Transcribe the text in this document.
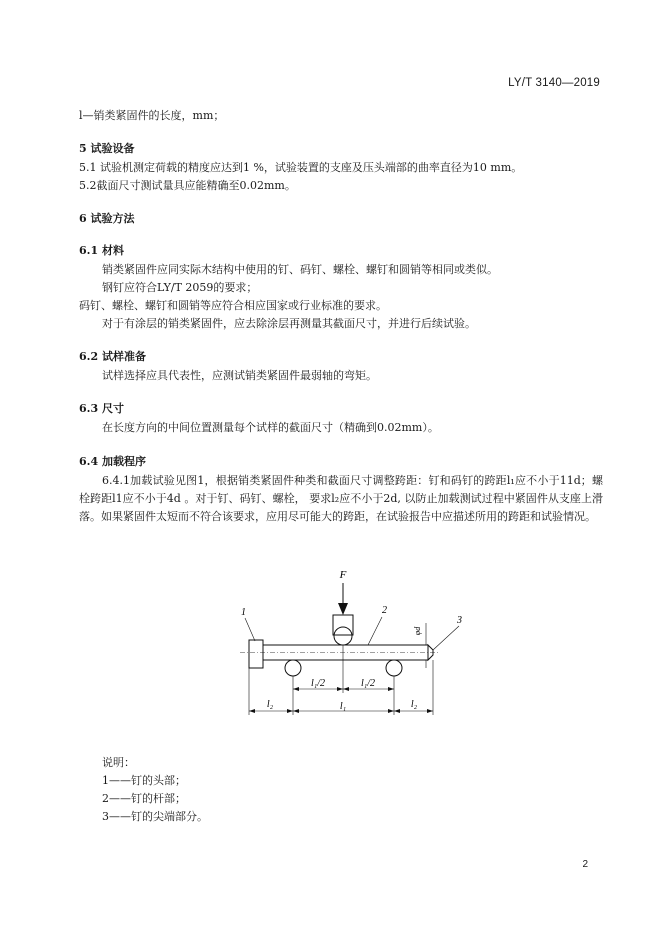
LY/T 3140—2019
l—销类紧固件的长度，mm；
5 试验设备
5.1 试验机测定荷载的精度应达到1 %，试验装置的支座及压头端部的曲率直径为10 mm。
5.2截面尺寸测试量具应能精确至0.02mm。
6 试验方法
6.1 材料
销类紧固件应同实际木结构中使用的钉、码钉、螺栓、螺钉和圆销等相同或类似。
钢钉应符合LY/T 2059的要求；
码钉、螺栓、螺钉和圆销等应符合相应国家或行业标准的要求。
对于有涂层的销类紧固件，应去除涂层再测量其截面尺寸，并进行后续试验。
6.2 试样准备
试样选择应具代表性，应测试销类紧固件最弱轴的弯矩。
6.3 尺寸
在长度方向的中间位置测量每个试样的截面尺寸（精确到0.02mm）。
6.4 加载程序
6.4.1加载试验见图1，根据销类紧固件种类和截面尺寸调整跨距：钉和码钉的跨距l₁应不小于11d；螺栓跨距l1应不小于4d 。对于钉、码钉、螺栓， 要求l₂应不小于2d, 以防止加载测试过程中紧固件从支座上滑落。如果紧固件太短而不符合该要求，应用尽可能大的跨距，在试验报告中应描述所用的跨距和试验情况。
F
1	2
3
φd
l₁/2	l₁/2
l₂	l₁	l₂
说明：
1——钉的头部；
2——钉的杆部；
3——钉的尖端部分。
2
